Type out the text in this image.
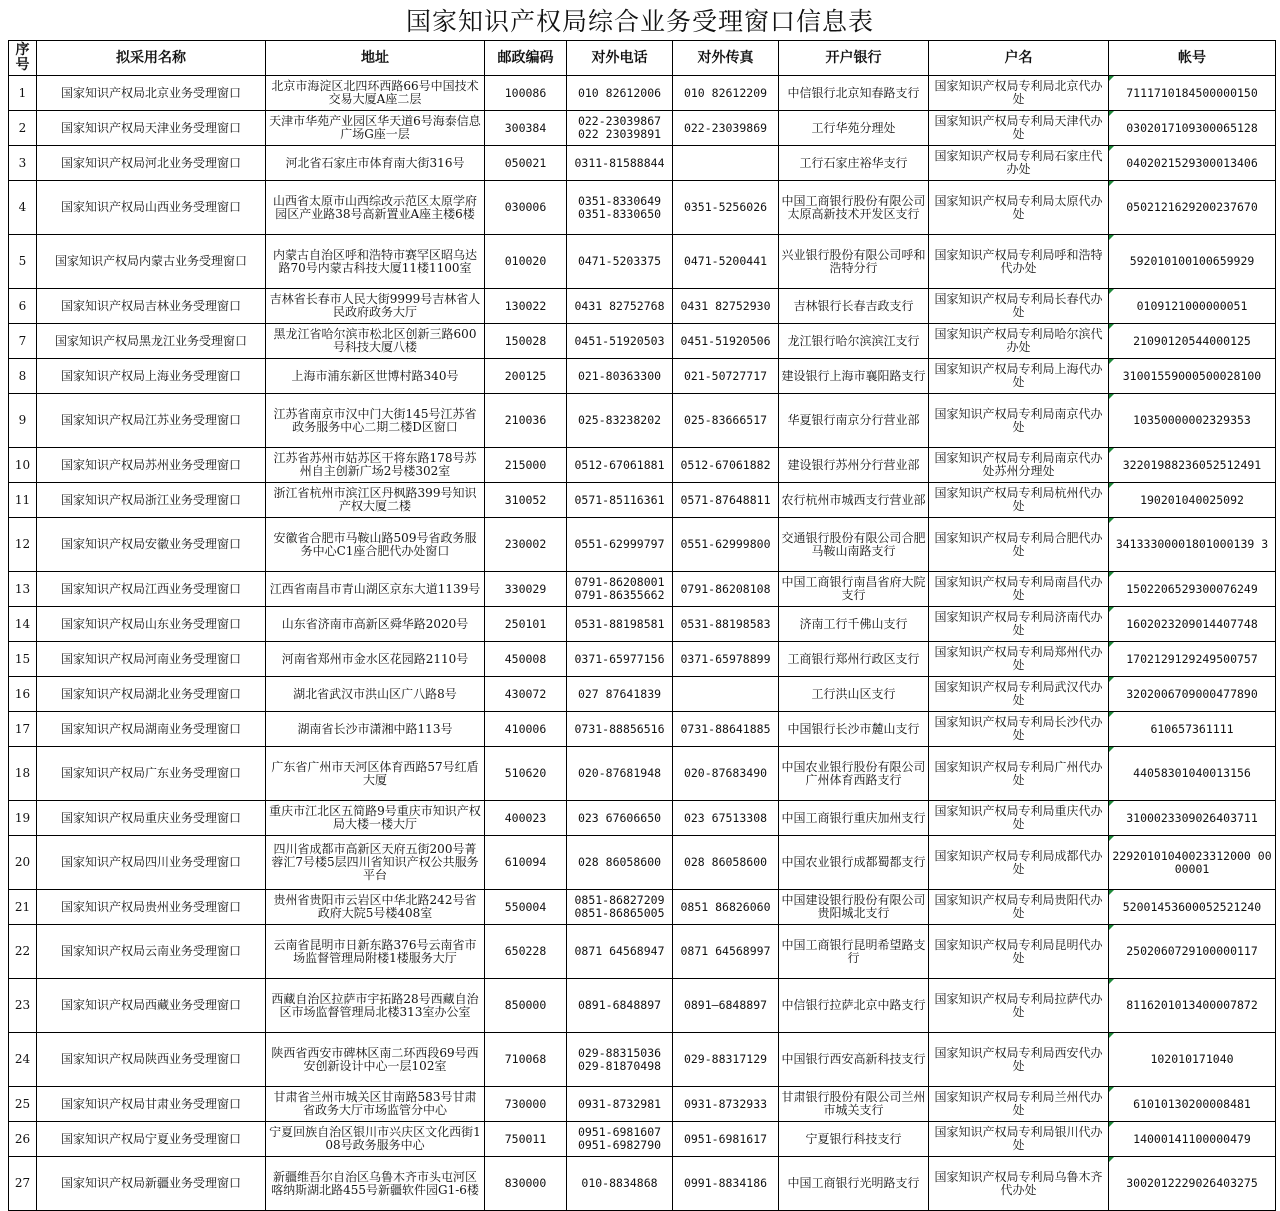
国家知识产权局综合业务受理窗口信息表
序号	拟采用名称	地址	邮政编码	对外电话	对外传真	开户银行	户名	帐号
1	国家知识产权局北京业务受理窗口	北京市海淀区北四环西路66号中国技术交易大厦A座二层	100086	010 82612006	010 82612209	中信银行北京知春路支行	国家知识产权局专利局北京代办处	7111710184500000150
2	国家知识产权局天津业务受理窗口	天津市华苑产业园区华天道6号海泰信息广场G座一层	300384	022-23039867
022 23039891	022-23039869	工行华苑分理处	国家知识产权局专利局天津代办处	0302017109300065128
3	国家知识产权局河北业务受理窗口	河北省石家庄市体育南大街316号	050021	0311-81588844		工行石家庄裕华支行	国家知识产权局专利局石家庄代办处	0402021529300013406
4	国家知识产权局山西业务受理窗口	山西省太原市山西综改示范区太原学府园区产业路38号高新置业A座主楼6楼	030006	0351-8330649
0351-8330650	0351-5256026	中国工商银行股份有限公司太原高新技术开发区支行	国家知识产权局专利局太原代办处	0502121629200237670
5	国家知识产权局内蒙古业务受理窗口	内蒙古自治区呼和浩特市赛罕区昭乌达路70号内蒙古科技大厦11楼1100室	010020	0471-5203375	0471-5200441	兴业银行股份有限公司呼和浩特分行	国家知识产权局专利局呼和浩特代办处	592010100100659929
6	国家知识产权局吉林业务受理窗口	吉林省长春市人民大街9999号吉林省人民政府政务大厅	130022	0431 82752768	0431 82752930	吉林银行长春吉政支行	国家知识产权局专利局长春代办处	0109121000000051
7	国家知识产权局黑龙江业务受理窗口	黑龙江省哈尔滨市松北区创新三路600号科技大厦八楼	150028	0451-51920503	0451-51920506	龙江银行哈尔滨滨江支行	国家知识产权局专利局哈尔滨代办处	21090120544000125
8	国家知识产权局上海业务受理窗口	上海市浦东新区世博村路340号	200125	021-80363300	021-50727717	建设银行上海市襄阳路支行	国家知识产权局专利局上海代办处	31001559000500028100
9	国家知识产权局江苏业务受理窗口	江苏省南京市汉中门大街145号江苏省政务服务中心二期二楼D区窗口	210036	025-83238202	025-83666517	华夏银行南京分行营业部	国家知识产权局专利局南京代办处	10350000002329353
10	国家知识产权局苏州业务受理窗口	江苏省苏州市姑苏区干将东路178号苏州自主创新广场2号楼302室	215000	0512-67061881	0512-67061882	建设银行苏州分行营业部	国家知识产权局专利局南京代办处苏州分理处	32201988236052512491
11	国家知识产权局浙江业务受理窗口	浙江省杭州市滨江区丹枫路399号知识产权大厦二楼	310052	0571-85116361	0571-87648811	农行杭州市城西支行营业部	国家知识产权局专利局杭州代办处	190201040025092
12	国家知识产权局安徽业务受理窗口	安徽省合肥市马鞍山路509号省政务服务中心C1座合肥代办处窗口	230002	0551-62999797	0551-62999800	交通银行股份有限公司合肥马鞍山南路支行	国家知识产权局专利局合肥代办处	34133300001801000139 3
13	国家知识产权局江西业务受理窗口	江西省南昌市青山湖区京东大道1139号	330029	0791-86208001
0791-86355662	0791-86208108	中国工商银行南昌省府大院支行	国家知识产权局专利局南昌代办处	1502206529300076249
14	国家知识产权局山东业务受理窗口	山东省济南市高新区舜华路2020号	250101	0531-88198581	0531-88198583	济南工行千佛山支行	国家知识产权局专利局济南代办处	1602023209014407748
15	国家知识产权局河南业务受理窗口	河南省郑州市金水区花园路2110号	450008	0371-65977156	0371-65978899	工商银行郑州行政区支行	国家知识产权局专利局郑州代办处	1702129129249500757
16	国家知识产权局湖北业务受理窗口	湖北省武汉市洪山区广八路8号	430072	027 87641839		工行洪山区支行	国家知识产权局专利局武汉代办处	3202006709000477890
17	国家知识产权局湖南业务受理窗口	湖南省长沙市潇湘中路113号	410006	0731-88856516	0731-88641885	中国银行长沙市麓山支行	国家知识产权局专利局长沙代办处	610657361111
18	国家知识产权局广东业务受理窗口	广东省广州市天河区体育西路57号红盾大厦	510620	020-87681948	020-87683490	中国农业银行股份有限公司广州体育西路支行	国家知识产权局专利局广州代办处	44058301040013156
19	国家知识产权局重庆业务受理窗口	重庆市江北区五简路9号重庆市知识产权局大楼一楼大厅	400023	023 67606650	023 67513308	中国工商银行重庆加州支行	国家知识产权局专利局重庆代办处	3100023309026403711
20	国家知识产权局四川业务受理窗口	四川省成都市高新区天府五街200号菁蓉汇7号楼5层四川省知识产权公共服务平台	610094	028 86058600	028 86058600	中国农业银行成都蜀都支行	国家知识产权局专利局成都代办处	22920101040023312000 0000001
21	国家知识产权局贵州业务受理窗口	贵州省贵阳市云岩区中华北路242号省政府大院5号楼408室	550004	0851-86827209
0851-86865005	0851 86826060	中国建设银行股份有限公司贵阳城北支行	国家知识产权局专利局贵阳代办处	52001453600052521240
22	国家知识产权局云南业务受理窗口	云南省昆明市日新东路376号云南省市场监督管理局附楼1楼服务大厅	650228	0871 64568947	0871 64568997	中国工商银行昆明希望路支行	国家知识产权局专利局昆明代办处	2502060729100000117
23	国家知识产权局西藏业务受理窗口	西藏自治区拉萨市宇拓路28号西藏自治区市场监督管理局北楼313室办公室	850000	0891-6848897	0891—6848897	中信银行拉萨北京中路支行	国家知识产权局专利局拉萨代办处	8116201013400007872
24	国家知识产权局陕西业务受理窗口	陕西省西安市碑林区南二环西段69号西安创新设计中心一层102室	710068	029-88315036
029-81870498	029-88317129	中国银行西安高新科技支行	国家知识产权局专利局西安代办处	102010171040
25	国家知识产权局甘肃业务受理窗口	甘肃省兰州市城关区甘南路583号甘肃省政务大厅市场监管分中心	730000	0931-8732981	0931-8732933	甘肃银行股份有限公司兰州市城关支行	国家知识产权局专利局兰州代办处	61010130200008481
26	国家知识产权局宁夏业务受理窗口	宁夏回族自治区银川市兴庆区文化西街108号政务服务中心	750011	0951-6981607
0951-6982790	0951-6981617	宁夏银行科技支行	国家知识产权局专利局银川代办处	14000141100000479
27	国家知识产权局新疆业务受理窗口	新疆维吾尔自治区乌鲁木齐市头屯河区喀纳斯湖北路455号新疆软件园G1-6楼	830000	010-8834868	0991-8834186	中国工商银行光明路支行	国家知识产权局专利局乌鲁木齐代办处	3002012229026403275
